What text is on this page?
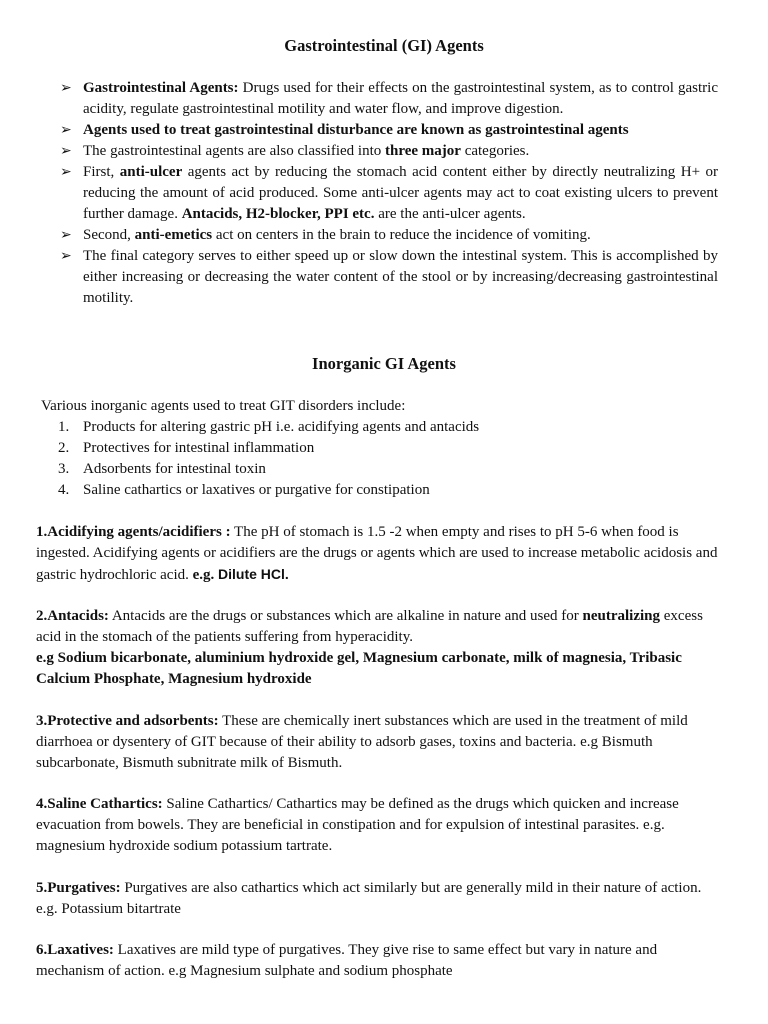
Gastrointestinal (GI) Agents
➢ Gastrointestinal Agents: Drugs used for their effects on the gastrointestinal system, as to control gastric acidity, regulate gastrointestinal motility and water flow, and improve digestion.
➢ Agents used to treat gastrointestinal disturbance are known as gastrointestinal agents
➢ The gastrointestinal agents are also classified into three major categories.
➢ First, anti-ulcer agents act by reducing the stomach acid content either by directly neutralizing H+ or reducing the amount of acid produced. Some anti-ulcer agents may act to coat existing ulcers to prevent further damage. Antacids, H2-blocker, PPI etc. are the anti-ulcer agents.
➢ Second, anti-emetics act on centers in the brain to reduce the incidence of vomiting.
➢ The final category serves to either speed up or slow down the intestinal system. This is accomplished by either increasing or decreasing the water content of the stool or by increasing/decreasing gastrointestinal motility.
Inorganic GI Agents
Various inorganic agents used to treat GIT disorders include:
1. Products for altering gastric pH i.e. acidifying agents and antacids
2. Protectives for intestinal inflammation
3. Adsorbents for intestinal toxin
4. Saline cathartics or laxatives or purgative for constipation
1.Acidifying agents/acidifiers : The pH of stomach is 1.5 -2 when empty and rises to pH 5-6 when food is ingested. Acidifying agents or acidifiers are the drugs or agents which are used to increase metabolic acidosis and gastric hydrochloric acid. e.g. Dilute HCl.
2.Antacids: Antacids are the drugs or substances which are alkaline in nature and used for neutralizing excess acid in the stomach of the patients suffering from hyperacidity.
e.g Sodium bicarbonate, aluminium hydroxide gel, Magnesium carbonate, milk of magnesia, Tribasic Calcium Phosphate, Magnesium hydroxide
3.Protective and adsorbents: These are chemically inert substances which are used in the treatment of mild diarrhoea or dysentery of GIT because of their ability to adsorb gases, toxins and bacteria. e.g Bismuth subcarbonate, Bismuth subnitrate milk of Bismuth.
4.Saline Cathartics: Saline Cathartics/ Cathartics may be defined as the drugs which quicken and increase evacuation from bowels. They are beneficial in constipation and for expulsion of intestinal parasites. e.g. magnesium hydroxide sodium potassium tartrate.
5.Purgatives: Purgatives are also cathartics which act similarly but are generally mild in their nature of action. e.g. Potassium bitartrate
6.Laxatives: Laxatives are mild type of purgatives. They give rise to same effect but vary in nature and mechanism of action. e.g Magnesium sulphate and sodium phosphate
